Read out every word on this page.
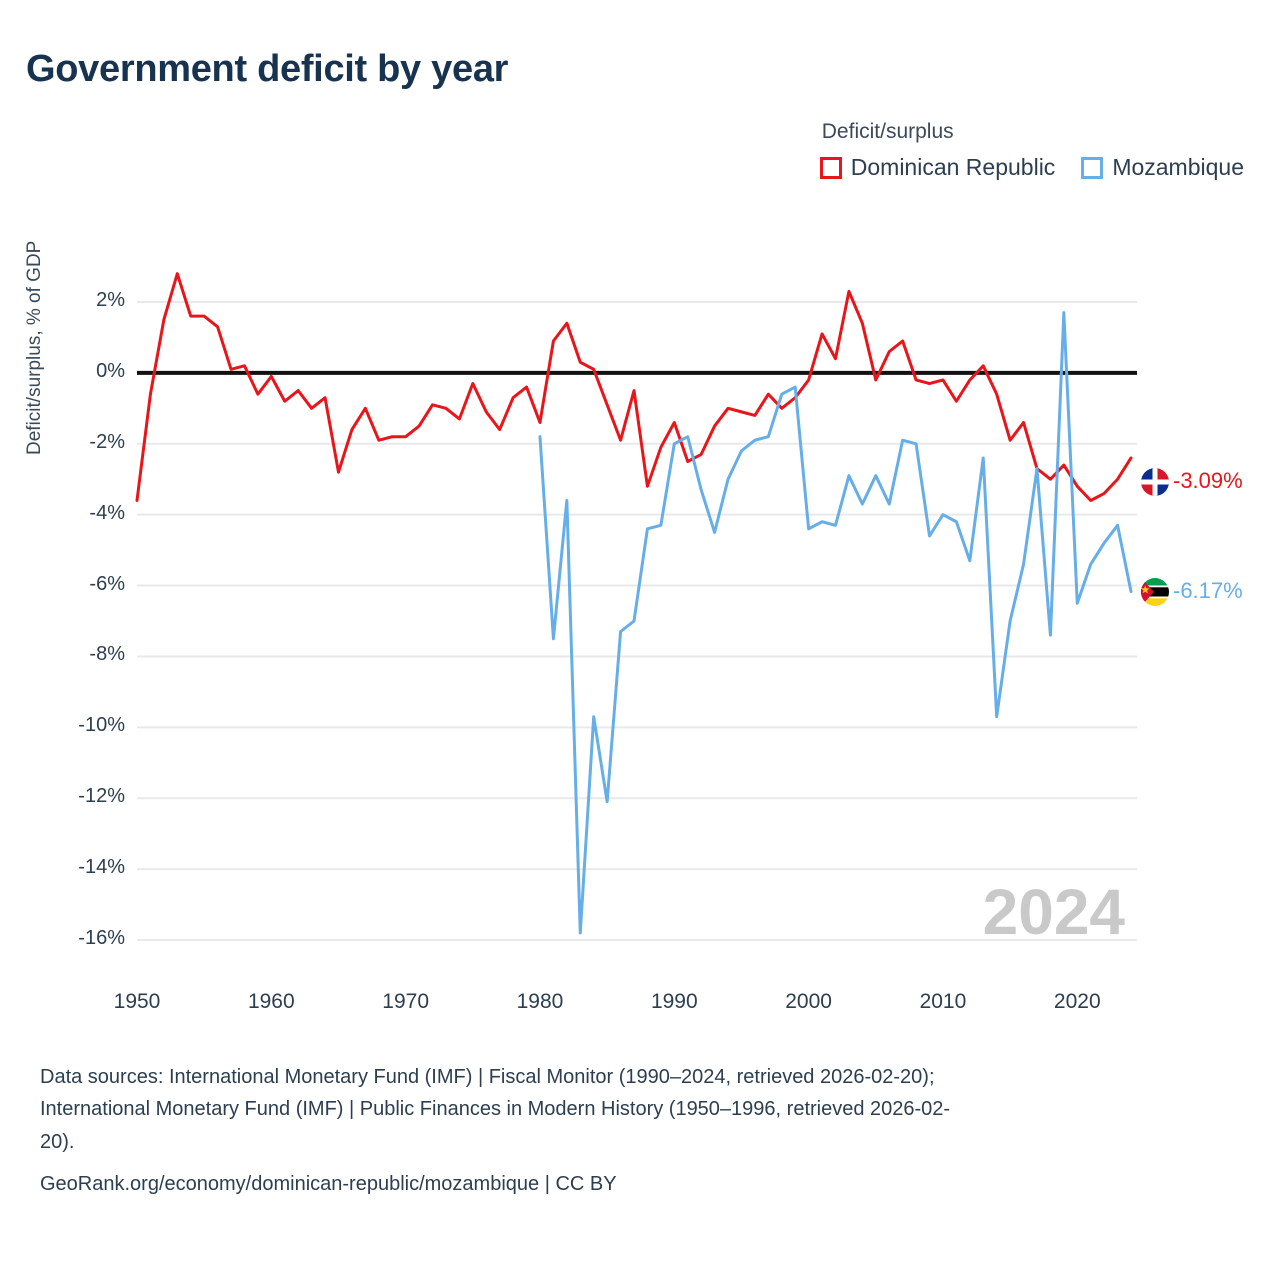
Government deficit by year
Deficit/surplus
Dominican Republic Mozambique
Deficit/surplus, % of GDP	2%
0%
-2%
-4%
-6%
-8%
-10%
-12%
-14%
-16%
1950	1960	1970	1980	1990	2000	2010	2020
2024
-3.09%
-6.17%
Data sources: International Monetary Fund (IMF) | Fiscal Monitor (1990–2024, retrieved 2026-02-20);
International Monetary Fund (IMF) | Public Finances in Modern History (1950–1996, retrieved 2026-02-
20).
GeoRank.org/economy/dominican-republic/mozambique | CC BY
